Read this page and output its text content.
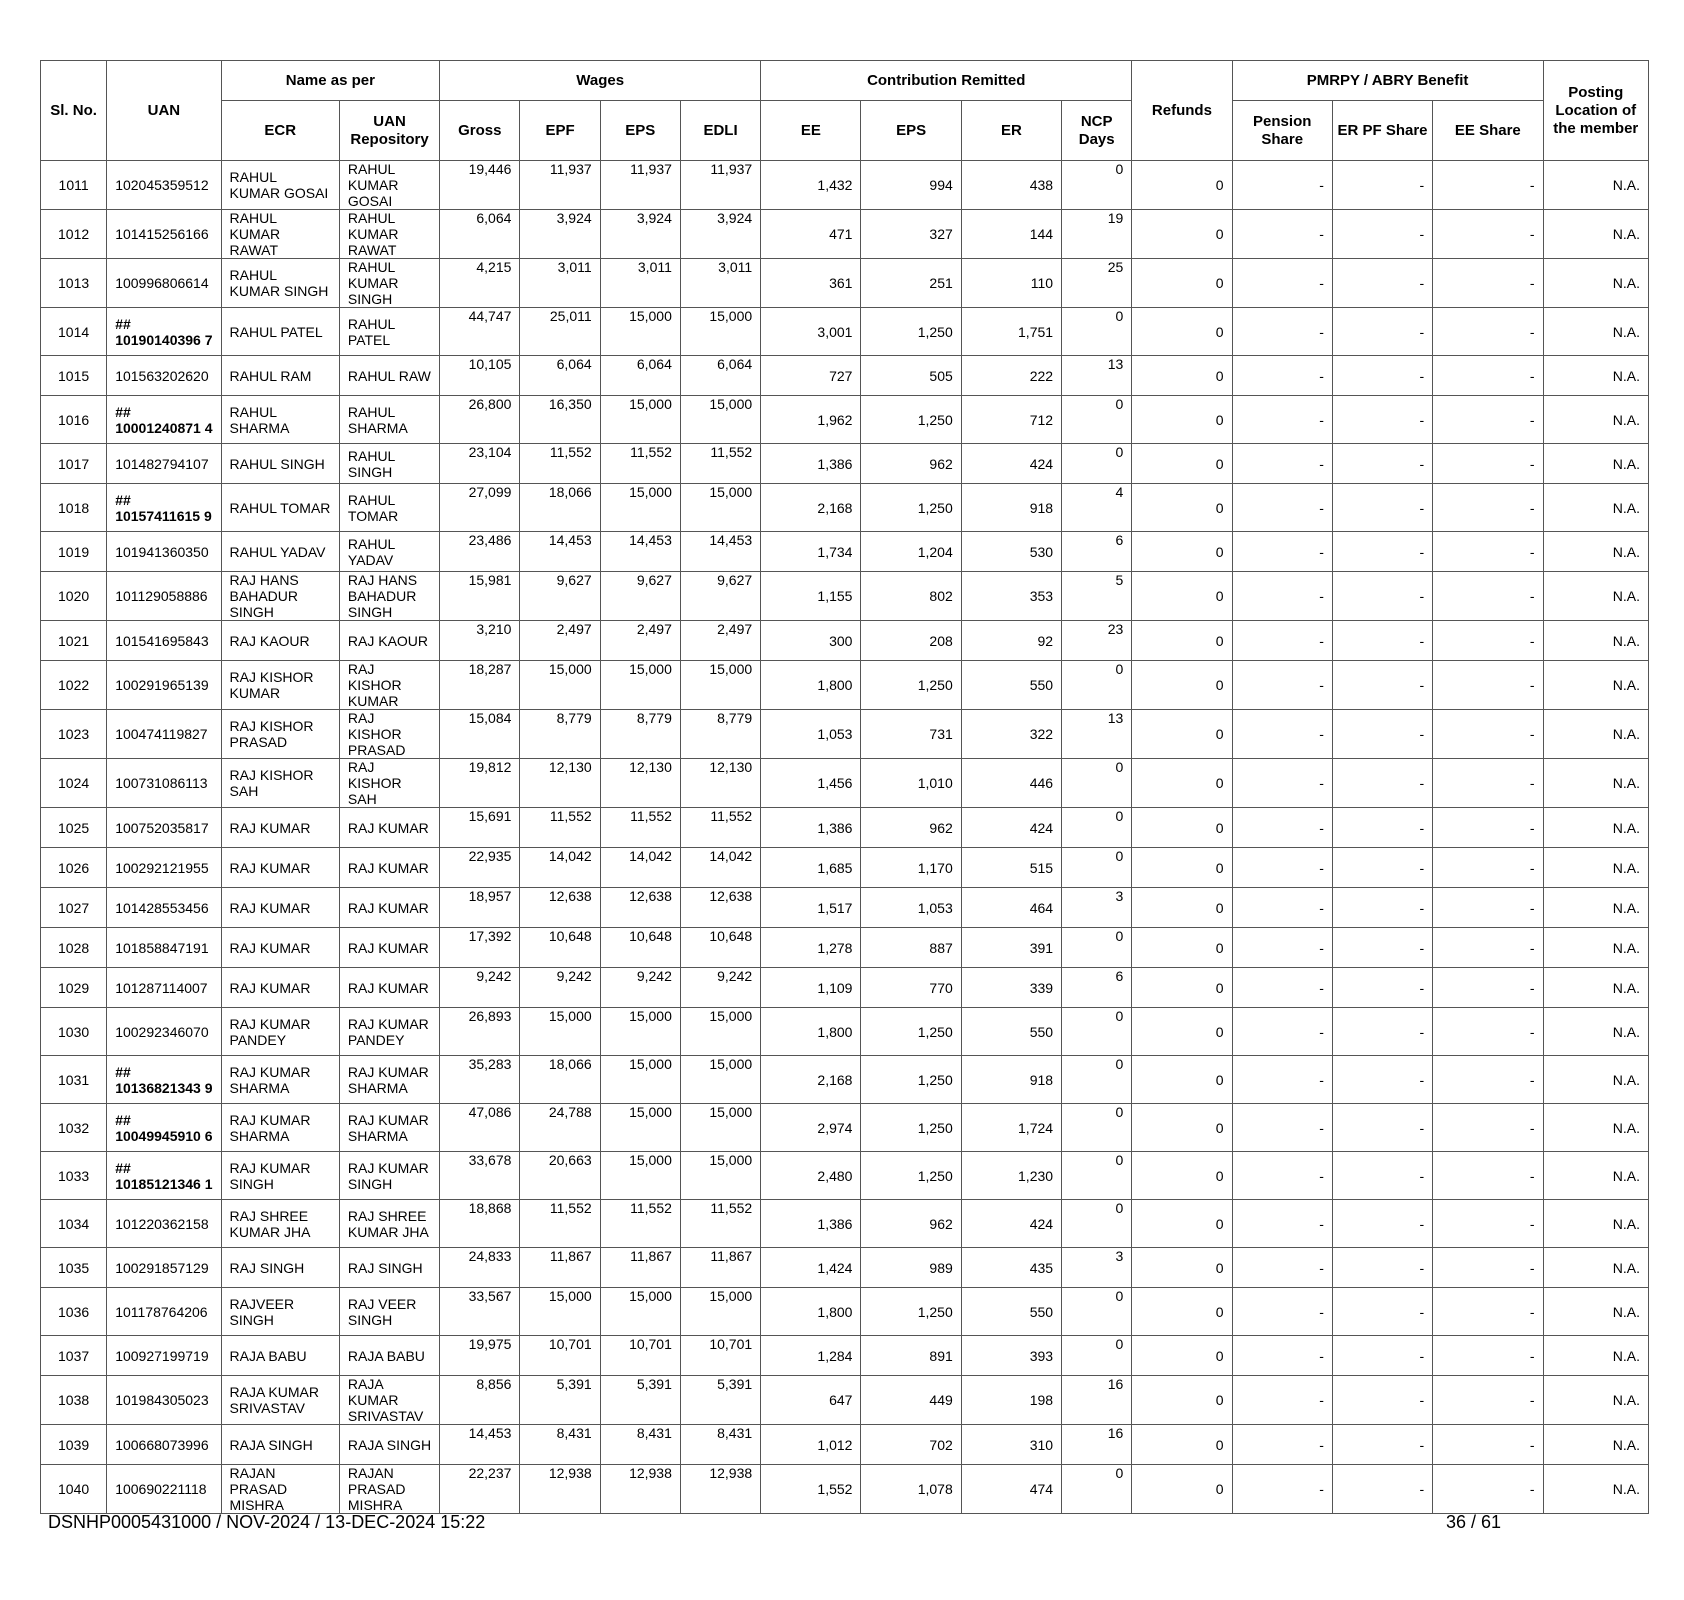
Sl. No.	UAN	Name as per		Wages				Contribution Remitted				Refunds	PMRPY / ABRY Benefit			Posting Location of the member
		ECR	UAN Repository	Gross	EPF	EPS	EDLI	EE	EPS	ER	NCP Days		Pension Share	ER PF Share	EE Share	
1011	102045359512	RAHUL KUMAR GOSAI	RAHUL KUMAR GOSAI	19,446	11,937	11,937	11,937	1,432	994	438	0	0	-	-	-	N.A.
1012	101415256166	RAHUL KUMAR RAWAT	RAHUL KUMAR RAWAT	6,064	3,924	3,924	3,924	471	327	144	19	0	-	-	-	N.A.
1013	100996806614	RAHUL KUMAR SINGH	RAHUL KUMAR SINGH	4,215	3,011	3,011	3,011	361	251	110	25	0	-	-	-	N.A.
1014	## 10190140396 7	RAHUL PATEL	RAHUL PATEL	44,747	25,011	15,000	15,000	3,001	1,250	1,751	0	0	-	-	-	N.A.
1015	101563202620	RAHUL RAM	RAHUL RAW	10,105	6,064	6,064	6,064	727	505	222	13	0	-	-	-	N.A.
1016	## 10001240871 4	RAHUL SHARMA	RAHUL SHARMA	26,800	16,350	15,000	15,000	1,962	1,250	712	0	0	-	-	-	N.A.
1017	101482794107	RAHUL SINGH	RAHUL SINGH	23,104	11,552	11,552	11,552	1,386	962	424	0	0	-	-	-	N.A.
1018	## 10157411615 9	RAHUL TOMAR	RAHUL TOMAR	27,099	18,066	15,000	15,000	2,168	1,250	918	4	0	-	-	-	N.A.
1019	101941360350	RAHUL YADAV	RAHUL YADAV	23,486	14,453	14,453	14,453	1,734	1,204	530	6	0	-	-	-	N.A.
1020	101129058886	RAJ HANS BAHADUR SINGH	RAJ HANS BAHADUR SINGH	15,981	9,627	9,627	9,627	1,155	802	353	5	0	-	-	-	N.A.
1021	101541695843	RAJ KAOUR	RAJ KAOUR	3,210	2,497	2,497	2,497	300	208	92	23	0	-	-	-	N.A.
1022	100291965139	RAJ KISHOR KUMAR	RAJ KISHOR KUMAR	18,287	15,000	15,000	15,000	1,800	1,250	550	0	0	-	-	-	N.A.
1023	100474119827	RAJ KISHOR PRASAD	RAJ KISHOR PRASAD	15,084	8,779	8,779	8,779	1,053	731	322	13	0	-	-	-	N.A.
1024	100731086113	RAJ KISHOR SAH	RAJ KISHOR SAH	19,812	12,130	12,130	12,130	1,456	1,010	446	0	0	-	-	-	N.A.
1025	100752035817	RAJ KUMAR	RAJ KUMAR	15,691	11,552	11,552	11,552	1,386	962	424	0	0	-	-	-	N.A.
1026	100292121955	RAJ KUMAR	RAJ KUMAR	22,935	14,042	14,042	14,042	1,685	1,170	515	0	0	-	-	-	N.A.
1027	101428553456	RAJ KUMAR	RAJ KUMAR	18,957	12,638	12,638	12,638	1,517	1,053	464	3	0	-	-	-	N.A.
1028	101858847191	RAJ KUMAR	RAJ KUMAR	17,392	10,648	10,648	10,648	1,278	887	391	0	0	-	-	-	N.A.
1029	101287114007	RAJ KUMAR	RAJ KUMAR	9,242	9,242	9,242	9,242	1,109	770	339	6	0	-	-	-	N.A.
1030	100292346070	RAJ KUMAR PANDEY	RAJ KUMAR PANDEY	26,893	15,000	15,000	15,000	1,800	1,250	550	0	0	-	-	-	N.A.
1031	## 10136821343 9	RAJ KUMAR SHARMA	RAJ KUMAR SHARMA	35,283	18,066	15,000	15,000	2,168	1,250	918	0	0	-	-	-	N.A.
1032	## 10049945910 6	RAJ KUMAR SHARMA	RAJ KUMAR SHARMA	47,086	24,788	15,000	15,000	2,974	1,250	1,724	0	0	-	-	-	N.A.
1033	## 10185121346 1	RAJ KUMAR SINGH	RAJ KUMAR SINGH	33,678	20,663	15,000	15,000	2,480	1,250	1,230	0	0	-	-	-	N.A.
1034	101220362158	RAJ SHREE KUMAR JHA	RAJ SHREE KUMAR JHA	18,868	11,552	11,552	11,552	1,386	962	424	0	0	-	-	-	N.A.
1035	100291857129	RAJ SINGH	RAJ SINGH	24,833	11,867	11,867	11,867	1,424	989	435	3	0	-	-	-	N.A.
1036	101178764206	RAJVEER SINGH	RAJ VEER SINGH	33,567	15,000	15,000	15,000	1,800	1,250	550	0	0	-	-	-	N.A.
1037	100927199719	RAJA BABU	RAJA BABU	19,975	10,701	10,701	10,701	1,284	891	393	0	0	-	-	-	N.A.
1038	101984305023	RAJA KUMAR SRIVASTAV	RAJA KUMAR SRIVASTAV	8,856	5,391	5,391	5,391	647	449	198	16	0	-	-	-	N.A.
1039	100668073996	RAJA SINGH	RAJA SINGH	14,453	8,431	8,431	8,431	1,012	702	310	16	0	-	-	-	N.A.
1040	100690221118	RAJAN PRASAD MISHRA	RAJAN PRASAD MISHRA	22,237	12,938	12,938	12,938	1,552	1,078	474	0	0	-	-	-	N.A.
DSNHP0005431000 / NOV-2024 / 13-DEC-2024 15:22	36 / 61
